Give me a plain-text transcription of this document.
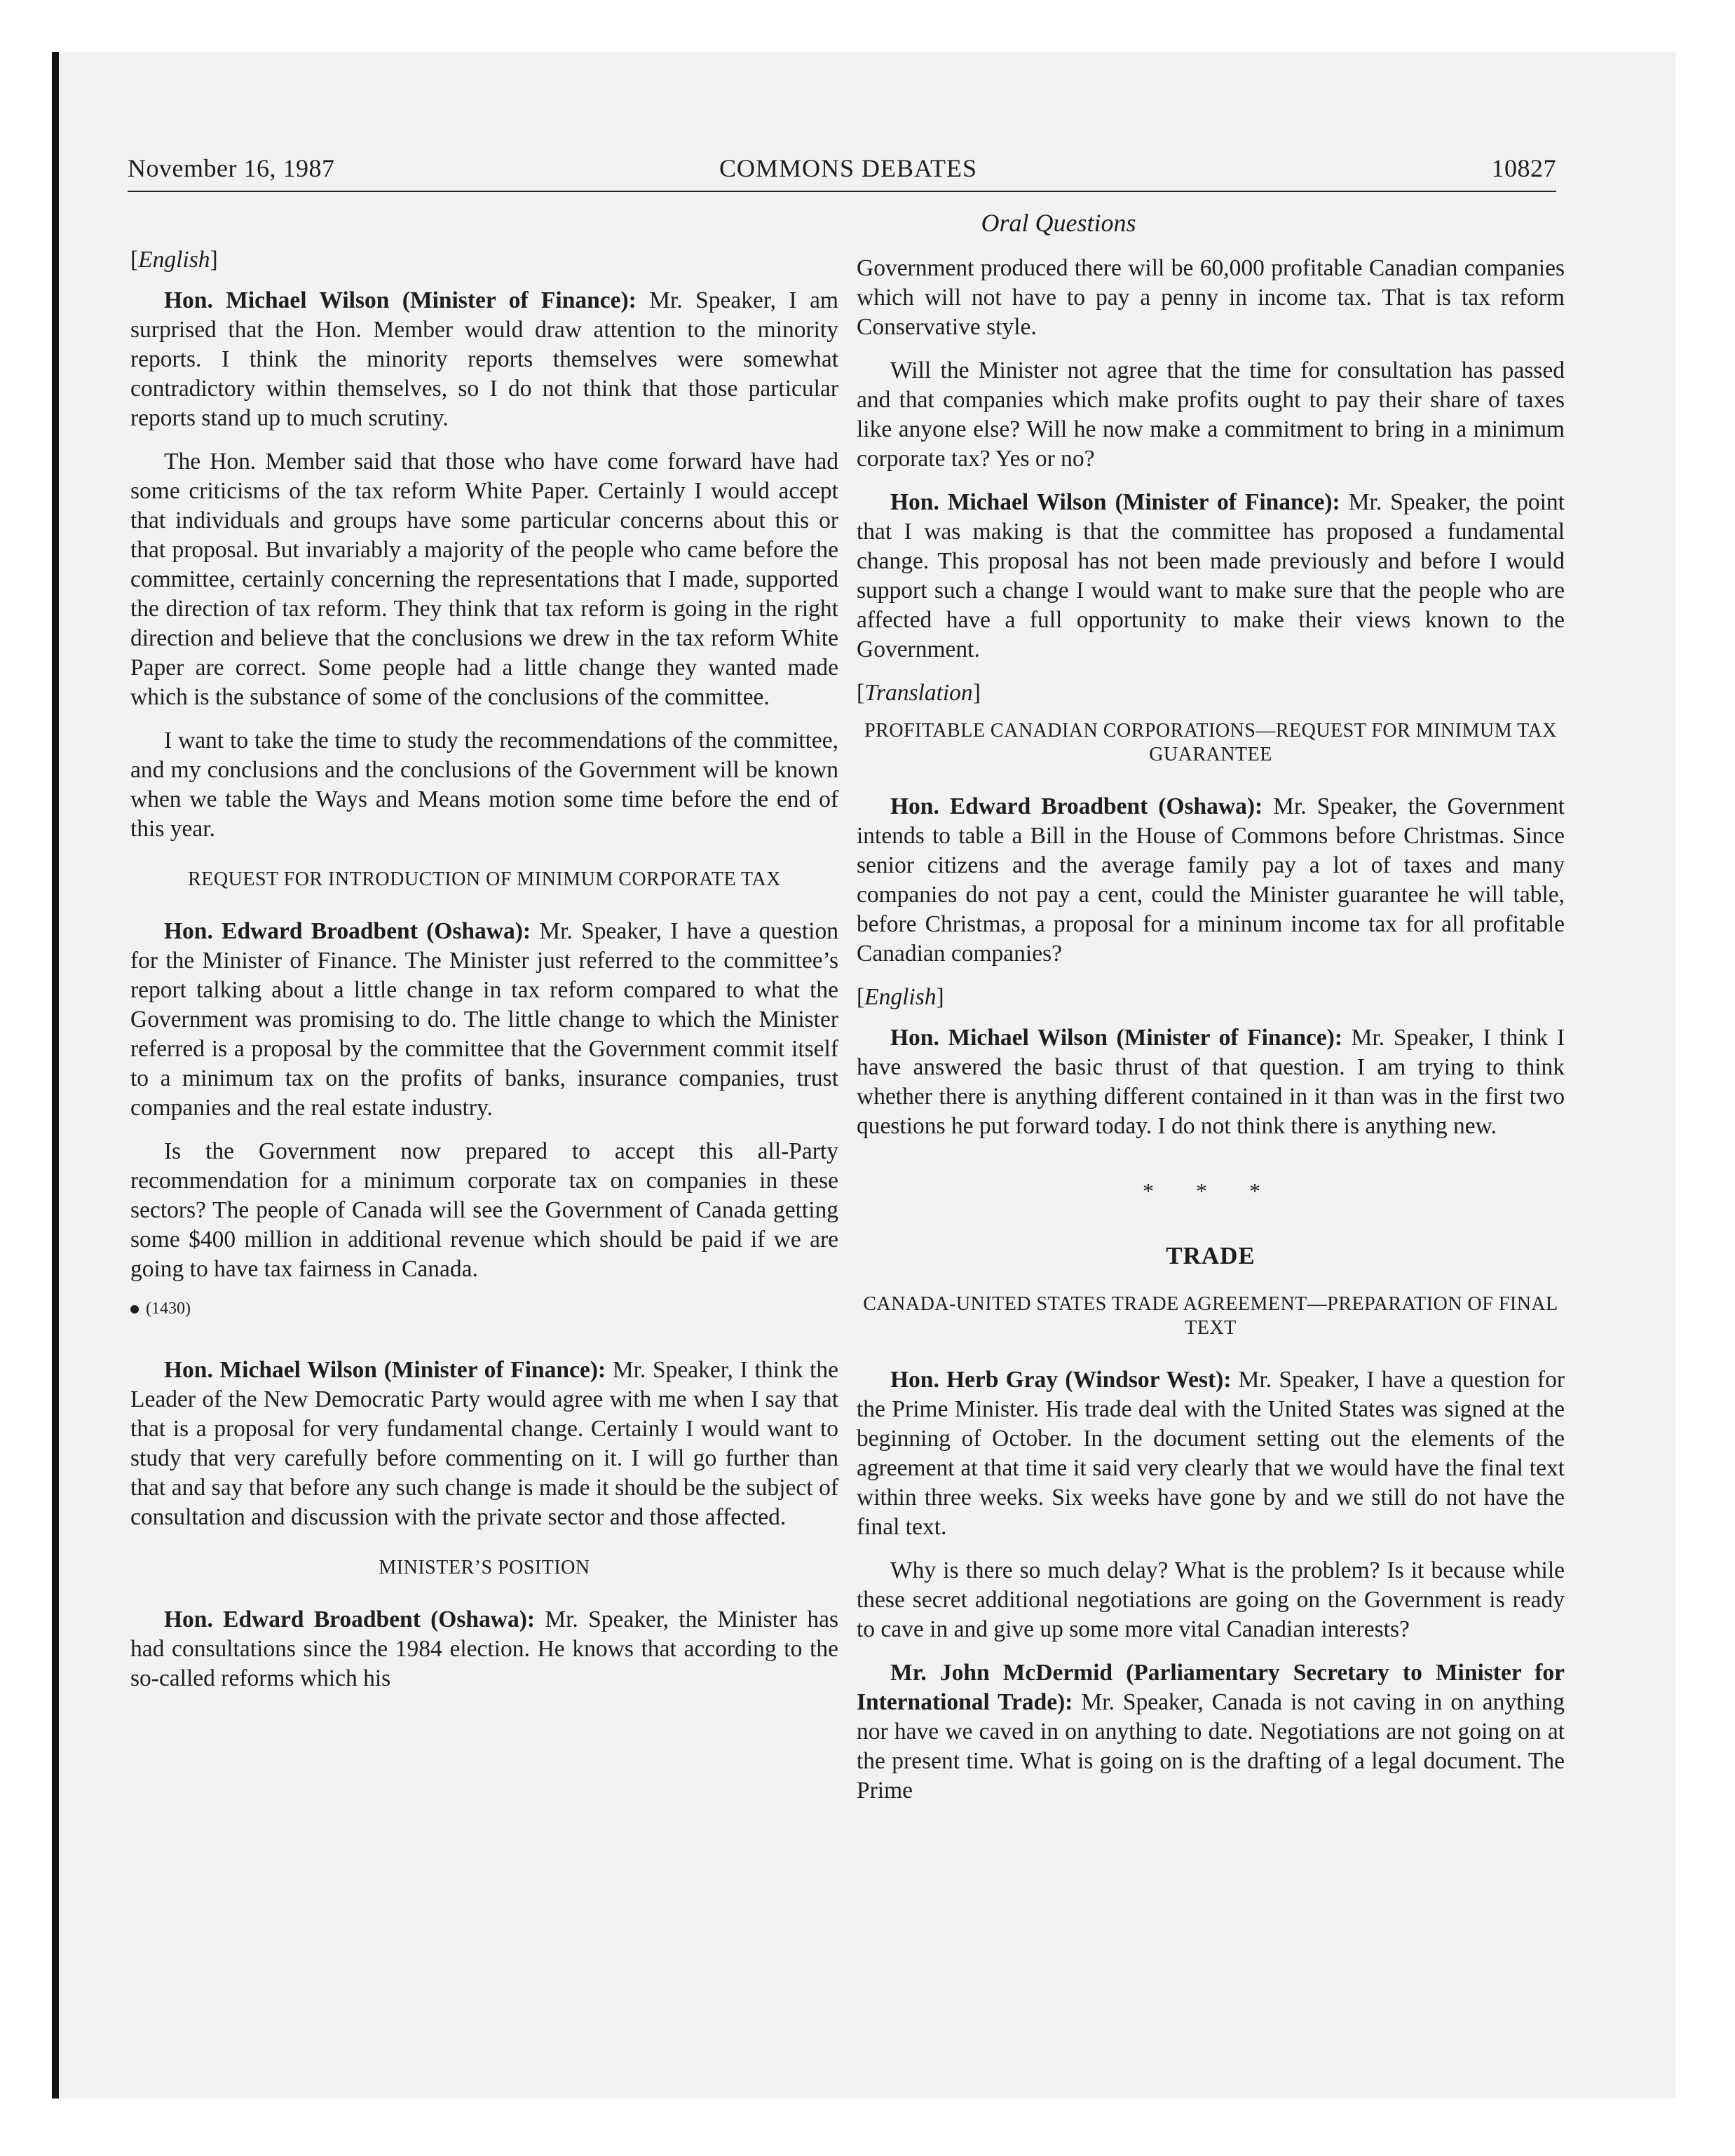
November 16, 1987	COMMONS DEBATES	10827
Oral Questions

[English]

Hon. Michael Wilson (Minister of Finance): Mr. Speaker, I am surprised that the Hon. Member would draw attention to the minority reports. I think the minority reports themselves were somewhat contradictory within themselves, so I do not think that those particular reports stand up to much scrutiny.

The Hon. Member said that those who have come forward have had some criticisms of the tax reform White Paper. Certainly I would accept that individuals and groups have some particular concerns about this or that proposal. But invariably a majority of the people who came before the committee, certainly concerning the representations that I made, supported the direction of tax reform. They think that tax reform is going in the right direction and believe that the conclusions we drew in the tax reform White Paper are correct. Some people had a little change they wanted made which is the substance of some of the conclusions of the committee.

I want to take the time to study the recommendations of the committee, and my conclusions and the conclusions of the Government will be known when we table the Ways and Means motion some time before the end of this year.

REQUEST FOR INTRODUCTION OF MINIMUM CORPORATE TAX

Hon. Edward Broadbent (Oshawa): Mr. Speaker, I have a question for the Minister of Finance. The Minister just referred to the committee’s report talking about a little change in tax reform compared to what the Government was promising to do. The little change to which the Minister referred is a proposal by the committee that the Government commit itself to a minimum tax on the profits of banks, insurance companies, trust companies and the real estate industry.

Is the Government now prepared to accept this all-Party recommendation for a minimum corporate tax on companies in these sectors? The people of Canada will see the Government of Canada getting some $400 million in additional revenue which should be paid if we are going to have tax fairness in Canada.

(1430)

Hon. Michael Wilson (Minister of Finance): Mr. Speaker, I think the Leader of the New Democratic Party would agree with me when I say that that is a proposal for very fundamental change. Certainly I would want to study that very carefully before commenting on it. I will go further than that and say that before any such change is made it should be the subject of consultation and discussion with the private sector and those affected.

MINISTER’S POSITION

Hon. Edward Broadbent (Oshawa): Mr. Speaker, the Minister has had consultations since the 1984 election. He knows that according to the so-called reforms which his

Government produced there will be 60,000 profitable Canadian companies which will not have to pay a penny in income tax. That is tax reform Conservative style.

Will the Minister not agree that the time for consultation has passed and that companies which make profits ought to pay their share of taxes like anyone else? Will he now make a commitment to bring in a minimum corporate tax? Yes or no?

Hon. Michael Wilson (Minister of Finance): Mr. Speaker, the point that I was making is that the committee has proposed a fundamental change. This proposal has not been made previously and before I would support such a change I would want to make sure that the people who are affected have a full opportunity to make their views known to the Government.

[Translation]

PROFITABLE CANADIAN CORPORATIONS—REQUEST FOR MINIMUM TAX GUARANTEE

Hon. Edward Broadbent (Oshawa): Mr. Speaker, the Government intends to table a Bill in the House of Commons before Christmas. Since senior citizens and the average family pay a lot of taxes and many companies do not pay a cent, could the Minister guarantee he will table, before Christmas, a proposal for a mininum income tax for all profitable Canadian companies?

[English]

Hon. Michael Wilson (Minister of Finance): Mr. Speaker, I think I have answered the basic thrust of that question. I am trying to think whether there is anything different contained in it than was in the first two questions he put forward today. I do not think there is anything new.

* * *
TRADE
CANADA-UNITED STATES TRADE AGREEMENT—PREPARATION OF FINAL TEXT

Hon. Herb Gray (Windsor West): Mr. Speaker, I have a question for the Prime Minister. His trade deal with the United States was signed at the beginning of October. In the document setting out the elements of the agreement at that time it said very clearly that we would have the final text within three weeks. Six weeks have gone by and we still do not have the final text.

Why is there so much delay? What is the problem? Is it because while these secret additional negotiations are going on the Government is ready to cave in and give up some more vital Canadian interests?

Mr. John McDermid (Parliamentary Secretary to Minister for International Trade): Mr. Speaker, Canada is not caving in on anything nor have we caved in on anything to date. Negotiations are not going on at the present time. What is going on is the drafting of a legal document. The Prime
